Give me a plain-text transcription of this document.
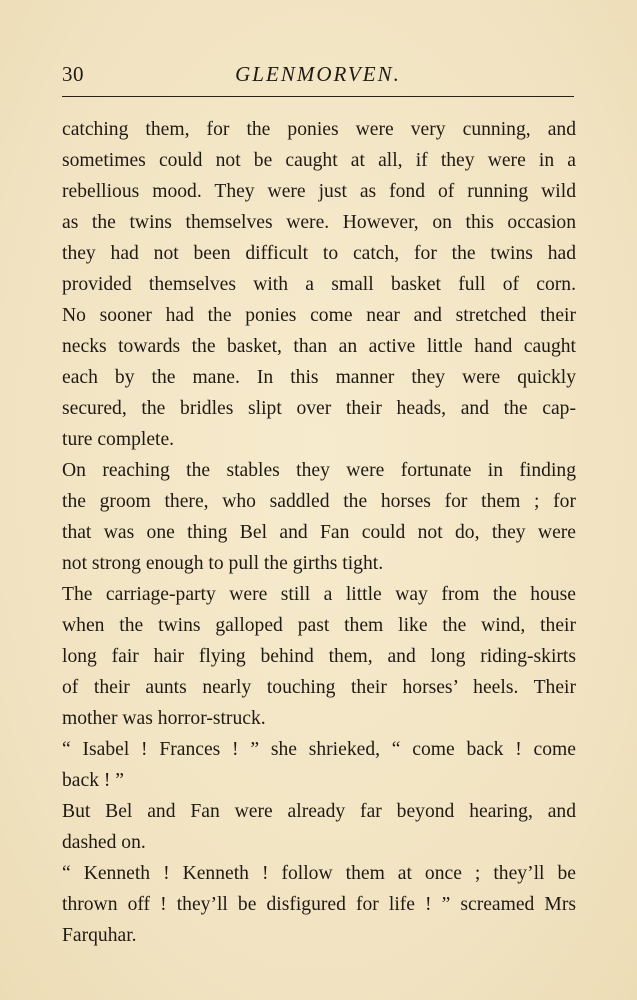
30	GLENMORVEN.
catching them, for the ponies were very cunning, and
sometimes could not be caught at all, if they were in a
rebellious mood. They were just as fond of running wild
as the twins themselves were. However, on this occasion
they had not been difficult to catch, for the twins had
provided themselves with a small basket full of corn.
No sooner had the ponies come near and stretched their
necks towards the basket, than an active little hand caught
each by the mane. In this manner they were quickly
secured, the bridles slipt over their heads, and the cap-
ture complete.
On reaching the stables they were fortunate in finding
the groom there, who saddled the horses for them ; for
that was one thing Bel and Fan could not do, they were
not strong enough to pull the girths tight.
The carriage-party were still a little way from the house
when the twins galloped past them like the wind, their
long fair hair flying behind them, and long riding-skirts
of their aunts nearly touching their horses’ heels. Their
mother was horror-struck.
“ Isabel ! Frances ! ” she shrieked, “ come back ! come
back ! ”
But Bel and Fan were already far beyond hearing, and
dashed on.
“ Kenneth ! Kenneth ! follow them at once ; they’ll be
thrown off ! they’ll be disfigured for life ! ” screamed Mrs
Farquhar.
